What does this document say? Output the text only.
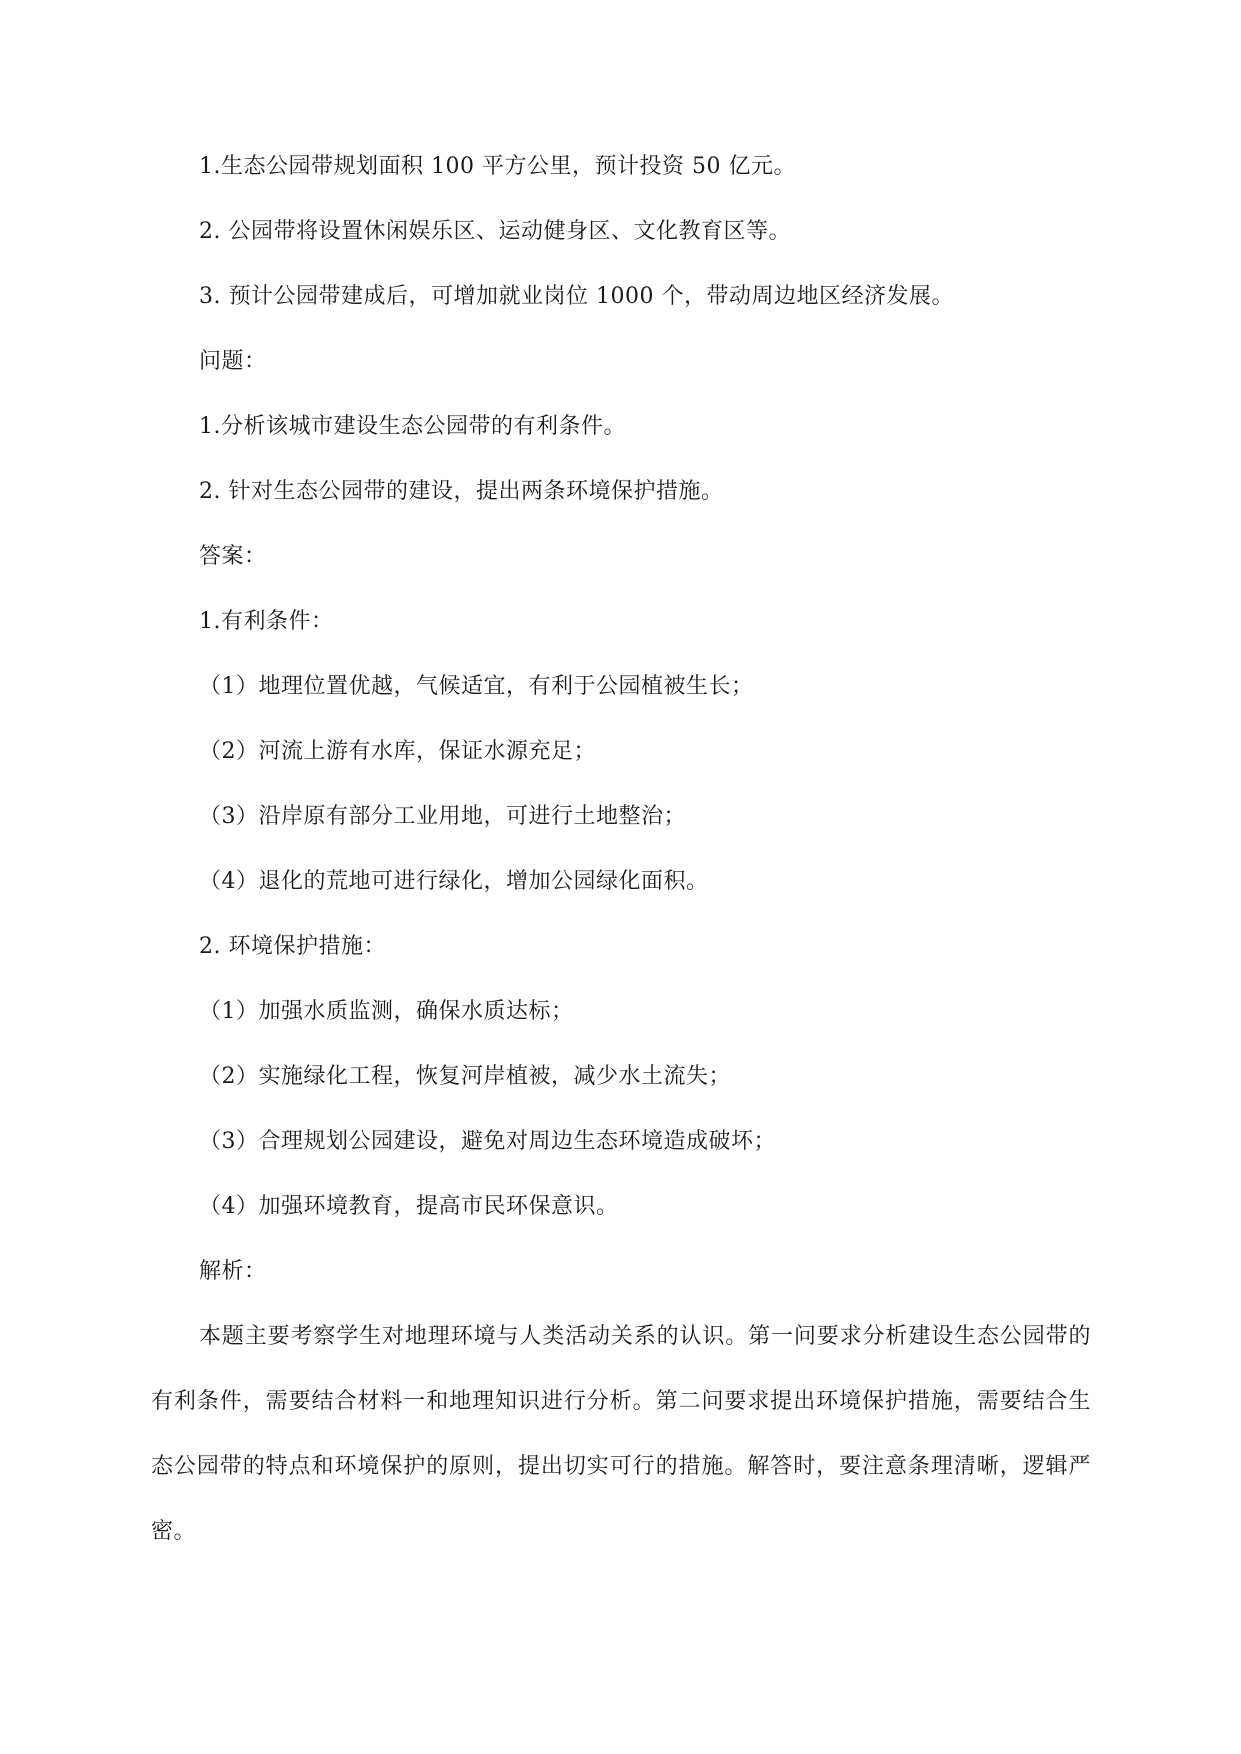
1.生态公园带规划面积 100 平方公里，预计投资 50 亿元。
2. 公园带将设置休闲娱乐区、运动健身区、文化教育区等。
3. 预计公园带建成后，可增加就业岗位 1000 个，带动周边地区经济发展。
问题：
1.分析该城市建设生态公园带的有利条件。
2. 针对生态公园带的建设，提出两条环境保护措施。
答案：
1.有利条件：
（1）地理位置优越，气候适宜，有利于公园植被生长；
（2）河流上游有水库，保证水源充足；
（3）沿岸原有部分工业用地，可进行土地整治；
（4）退化的荒地可进行绿化，增加公园绿化面积。
2. 环境保护措施：
（1）加强水质监测，确保水质达标；
（2）实施绿化工程，恢复河岸植被，减少水土流失；
（3）合理规划公园建设，避免对周边生态环境造成破坏；
（4）加强环境教育，提高市民环保意识。
解析：
本题主要考察学生对地理环境与人类活动关系的认识。第一问要求分析建设生态公园带的有利条件，需要结合材料一和地理知识进行分析。第二问要求提出环境保护措施，需要结合生态公园带的特点和环境保护的原则，提出切实可行的措施。解答时，要注意条理清晰，逻辑严密。
